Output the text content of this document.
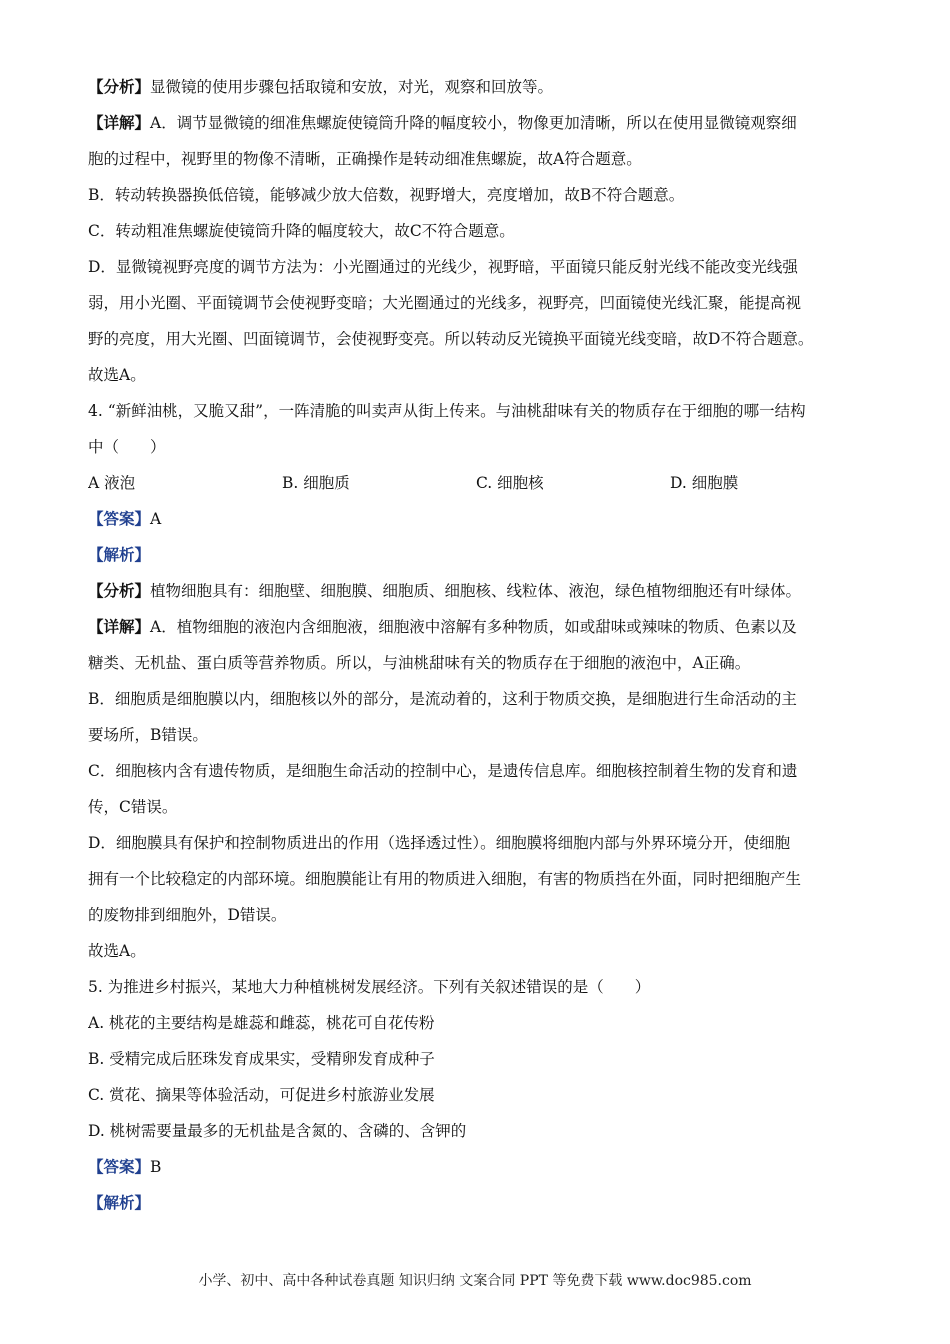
【分析】显微镜的使用步骤包括取镜和安放，对光，观察和回放等。
【详解】A．调节显微镜的细准焦螺旋使镜筒升降的幅度较小，物像更加清晰，所以在使用显微镜观察细
胞的过程中，视野里的物像不清晰，正确操作是转动细准焦螺旋，故A符合题意。
B．转动转换器换低倍镜，能够减少放大倍数，视野增大，亮度增加，故B不符合题意。
C．转动粗准焦螺旋使镜筒升降的幅度较大，故C不符合题意。
D．显微镜视野亮度的调节方法为：小光圈通过的光线少，视野暗，平面镜只能反射光线不能改变光线强
弱，用小光圈、平面镜调节会使视野变暗；大光圈通过的光线多，视野亮，凹面镜使光线汇聚，能提高视
野的亮度，用大光圈、凹面镜调节，会使视野变亮。所以转动反光镜换平面镜光线变暗，故D不符合题意。
故选A。
4. “新鲜油桃，又脆又甜”，一阵清脆的叫卖声从街上传来。与油桃甜味有关的物质存在于细胞的哪一结构
中（　　）
A 液泡	B. 细胞质	C. 细胞核	D. 细胞膜
【答案】A
【解析】
【分析】植物细胞具有：细胞壁、细胞膜、细胞质、细胞核、线粒体、液泡，绿色植物细胞还有叶绿体。
【详解】A．植物细胞的液泡内含细胞液，细胞液中溶解有多种物质，如或甜味或辣味的物质、色素以及
糖类、无机盐、蛋白质等营养物质。所以，与油桃甜味有关的物质存在于细胞的液泡中，A正确。
B．细胞质是细胞膜以内，细胞核以外的部分，是流动着的，这利于物质交换，是细胞进行生命活动的主
要场所，B错误。
C．细胞核内含有遗传物质，是细胞生命活动的控制中心，是遗传信息库。细胞核控制着生物的发育和遗
传，C错误。
D．细胞膜具有保护和控制物质进出的作用（选择透过性）。细胞膜将细胞内部与外界环境分开，使细胞
拥有一个比较稳定的内部环境。细胞膜能让有用的物质进入细胞，有害的物质挡在外面，同时把细胞产生
的废物排到细胞外，D错误。
故选A。
5. 为推进乡村振兴，某地大力种植桃树发展经济。下列有关叙述错误的是（　　）
A. 桃花的主要结构是雄蕊和雌蕊，桃花可自花传粉
B. 受精完成后胚珠发育成果实，受精卵发育成种子
C. 赏花、摘果等体验活动，可促进乡村旅游业发展
D. 桃树需要量最多的无机盐是含氮的、含磷的、含钾的
【答案】B
【解析】
小学、初中、高中各种试卷真题 知识归纳 文案合同 PPT 等免费下载 www.doc985.com
